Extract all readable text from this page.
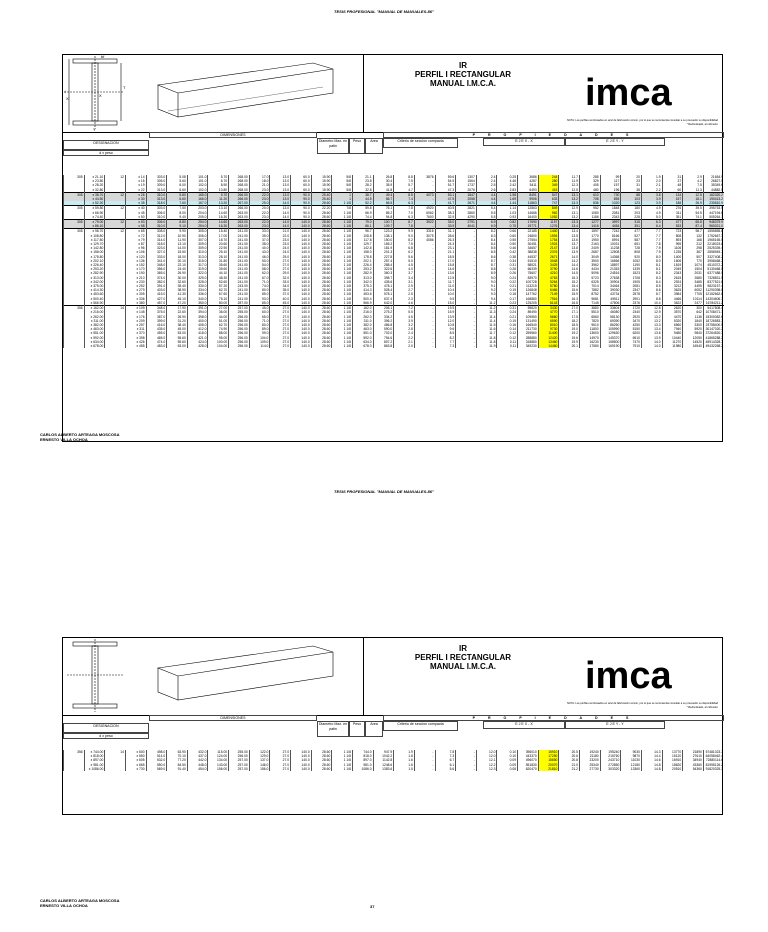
TESIS PROFESIONAL "MANUAL DE MANUALES-86"
d
T
bf
X
X
Y
IR
PERFIL I RECTANGULAR
MANUAL I.M.C.A.	imca
NOTA: Los perfiles sombreados en azul de fabricación común, por lo que se recomienda consultar a su proveedor su disponibilidad
* Redondeado, al milímetro
DESIGNACION
d x peso
DIMENSIONES
Diametro Max. en patin
Peso	Area	Criterio de seccion compacta
P R O P I E D A D E S
E J E X - X	E J E Y - Y
305	x 21.10	12	x 14	303.0	5.08	101.0	5.70	268.00	17.0	13.0	60.0	15.90	5/8	21.1	26.8	8.8	3876	59.6	1307	2.4	0.25	3686	244	11.7	285	99	20	1.9	31	2.9	21654.9
	x 23.80		x 16	305.0	5.60	101.0	6.70	268.00	18.0	13.0	60.0	15.90	5/8	23.8	30.4	7.5	-	54.5	1564	2.4	4.46	4287	280	11.9	329	117	23	2.0	37	4.2	26827.0
	x 28.20		x 19	309.0	6.00	102.0	8.90	268.00	21.0	13.0	60.0	15.90	5/8	28.2	35.9	5.7	-	51.7	1737	2.5	2.42	5411	349	12.3	405	157	31	2.1	48	7.5	35349.6
	x 32.80		x 22	313.0	6.60	102.0	10.80	268.00	23.0	13.0	60.0	15.90	5/8	32.8	41.8	4.7	-	47.3	2076	2.6	2.83	6493	415	12.5	480	196	38	2.2	60	11.3	44882.5
305	x 38.70	12	x 26	310.0	5.80	165.0	9.70	266.00	22.0	13.0	90.0	25.40	1	38.7	49.4	8.5	4073	53.1	1847	4.4	1.98	8491	547	13.1	610	730	88	3.8	134	12.5	162320.2
	x 44.50		x 30	313.0	6.60	166.0	11.20	266.00	23.0	13.0	90.0	25.40	1	44.5	56.7	7.4	-	47.5	2058	4.4	1.69	9906	633	13.2	708	855	103	3.9	157	18.1	190413.2
	x 52.20		x 35	318.0	7.60	167.0	13.20	267.00	25.0	14.0	90.0	28.60	1 1/8	52.2	66.5	6.3	-	41.7	2671	4.4	1.44	11863	747	13.3	836	1020	123	3.9	188	26.9	230810.9
305	x 59.80	12	x 40	303.0	7.50	203.0	13.10	266.00	20.0	13.0	90.0	22.20	7/8	59.8	76.1	7.8	4920	40.5	2821	5.4	1.14	12863	849	12.9	952	1848	180	4.9	276	39.5	395753.9
	x 66.90		x 45	306.0	8.00	204.0	14.60	263.00	22.0	14.0	90.0	28.60	1 1/8	66.9	85.2	7.0	6062	38.3	2860	5.5	1.03	14666	962	13.1	1080	2081	203	4.9	311	54.5	447194.6
	x 74.40		x 50	310.0	9.40	205.0	16.30	263.00	23.0	14.0	90.0	28.60	1 1/8	74.4	94.8	6.3	7600	32.9	4290	5.5	0.93	16400	1052	13.2	1186	2343	228	5.0	351	74.1	505264.1
305	x 79.00	12	x 53	306.0	8.80	254.0	14.60	263.00	22.0	14.0	140.0	28.60	1 1/8	79.0	100.7	8.7	3922	35.0	2791	6.9	0.82	17690	1157	13.3	1277	3997	315	6.3	477	65.8	946379.9
	x 86.10		x 58	310.0	9.10	254.0	16.30	263.00	23.0	14.0	140.0	28.60	1 1/8	86.1	109.7	7.8	-	33.9	4041	6.9	0.75	19771	1276	13.4	1416	4454	351	6.4	533	87.4	960021.0
305	x 96.70	12	x 65	308.0	9.90	305.0	15.40	241.00	33.0	21.0	140.0	28.60	1 1/8	96.7	123.2	9.9	3316	31.1	-	8.2	0.66	22185	1440	13.4	1597	7242	477	7.7	723	98.7	1555855.8
	x 108.80		x 72	312.0	10.90	306.0	17.00	241.00	35.0	22.0	140.0	28.60	1 1/8	108.8	138.1	9.0	3075	28.6	-	8.3	0.60	24800	1594	13.5	1770	8166	527	7.7	808	132	1752667.3
	x 117.80		x 79	314.0	11.90	307.0	18.70	241.00	37.0	23.0	140.0	28.60	1 1/8	117.8	150.0	8.2	4086	26.3	-	8.4	0.55	27554	1754	13.6	1950	8991	587	7.7	893	168	1965165.0
	x 129.70		x 87	318.0	13.10	309.0	20.60	241.00	38.0	23.0	140.0	28.60	1 1/8	129.7	165.2	7.5	-	24.3	-	8.4	0.50	30451	1924	13.7	2163	10031	651	7.8	995	212	2218023.6
	x 142.80		x 96	323.0	14.00	309.0	22.90	241.00	40.0	24.0	140.0	28.60	1 1/8	142.8	181.9	6.8	-	23.1	-	8.5	0.46	34657	2147	13.8	2409	11238	728	7.9	1106	298	2525339.4
	x 158.00		x 106	327.0	15.50	310.0	25.10	241.00	43.0	24.0	140.0	28.60	1 1/8	158.0	201.3	6.2	-	21.1	-	8.5	0.42	38838	2376	13.9	2687	12508	808	7.9	1235	367	2858949.7
	x 178.80		x 120	333.0	18.00	313.0	28.10	241.00	46.0	25.0	140.0	28.60	1 1/8	178.8	227.8	5.6	-	18.5	-	8.6	0.38	44537	2671	14.0	3049	14368	920	8.0	1400	507	3327408.2
	x 202.10		x 136	341.0	20.10	315.0	31.80	241.00	50.0	27.0	140.0	28.60	1 1/8	202.1	257.4	5.0	-	17.0	-	8.7	0.34	51510	3048	14.2	3500	16566	1052	8.0	1606	770	3958468.2
	x 226.40		x 152	348.0	22.10	317.0	35.60	241.00	54.0	27.0	140.0	28.60	1 1/8	226.4	288.4	4.5	-	15.8	-	8.7	0.31	58521	3425	14.4	3962	18897	1190	8.1	1819	1074	4510372.2
	x 253.20		x 170	356.0	24.40	319.0	39.60	241.00	58.0	27.0	140.0	28.60	1 1/8	253.2	322.6	4.0	-	14.6	-	8.8	0.28	66339	3790	14.6	4434	21353	1339	8.1	2049	1504	5130468.5
	x 282.90		x 190	365.0	26.90	322.0	44.10	241.00	62.0	29.0	140.0	28.60	1 1/8	282.9	360.3	3.7	-	13.6	-	8.9	0.26	75607	4210	14.5	5096	24516	1523	8.2	2343	2031	6377488.0
	x 313.00		x 210	374.0	30.00	325.0	48.30	241.00	67.0	32.0	140.0	28.60	1 1/8	313.0	398.7	3.4	-	12.5	-	9.0	0.24	83970	4763	15.3	5723	27638	1708	8.3	2615	2680	7328831.5
	x 342.00		x 230	382.0	32.60	328.0	52.60	241.00	71.0	33.0	140.0	28.60	1 1/8	342.0	435.6	3.1	-	11.7	-	9.0	0.22	100728	5264	15.2	6325	30904	1905	8.4	2924	3485	8377521.6
	x 375.00		x 252	391.0	35.40	330.0	57.20	243.00	74.0	34.0	140.0	28.60	1 1/8	375.3	478.1	2.9	-	11.0	-	9.1	0.21	113215	5780	15.4	7014	34464	2081	8.5	3212	4495	9823157.4
	x 414.30		x 279	403.0	38.90	334.0	62.70	241.00	80.0	35.0	140.0	28.60	1 1/8	414.3	528.4	2.7	-	10.4	-	9.2	0.19	126848	6466	15.6	7882	39030	2347	8.6	3625	6052	11290398.6
	x 453.60		x 305	415.0	41.30	336.0	67.60	241.00	85.0	37.0	140.0	28.60	1 1/8	453.6	578.1	2.5	-	10.0	-	9.3	0.18	147762	7149	15.9	8752	43734	2578	8.7	3984	7705	12152662.6
	x 500.40		x 336	427.0	45.10	340.0	75.10	241.00	93.0	40.0	140.0	28.60	1 1/8	500.4	637.4	2.3	-	9.5	-	9.4	0.17	168880	7916	16.3	9681	49511	2901	8.8	4466	10114	14304606.1
	x 566.90		x 380	457.0	47.20	350.0	80.00	287.00	85.0	45.0	140.0	28.60	1 1/8	566.9	642.0	4.6	-	15.0	-	11.2	0.23	125205	6143	16.8	7145	47806	2376	10.4	3622	2477	16784211.2
356	x 162.00	14	x 109	348.0	17.90	391.0	27.00	257.00	45.0	27.0	140.0	28.60	1 1/8	162.0	206.1	7.2	-	19.5	-	11.2	0.31	59820	3430	17.0	3880	33604	1720	12.8	2620	300	5417808.4
	x 216.00		x 145	375.0	22.60	394.0	36.00	255.00	60.0	27.0	140.0	28.60	1 1/8	216.0	275.2	5.5	-	15.9	-	11.3	0.24	89490	4770	17.1	5510	46080	2340	12.9	3570	642	10708471.1
	x 262.00		x 176	387.0	26.90	398.0	44.00	256.00	65.0	27.0	140.0	28.60	1 1/8	262.0	334.2	4.5	-	13.9	-	11.4	0.21	109550	5660	17.5	6560	58130	2920	13.2	4470	1136	15300082.6
	x 311.00		x 209	399.0	31.20	400.0	51.00	256.00	71.0	27.0	140.0	28.60	1 1/8	311.0	396.2	3.9	-	12.0	-	11.4	0.19	131490	6590	18.2	7820	69390	3470	13.2	5320	1840	18726583.3
	x 382.00		x 257	416.0	38.40	406.0	62.70	256.00	80.0	27.0	140.0	28.60	1 1/8	382.0	486.8	3.2	-	10.8	-	11.5	0.16	166540	8010	18.5	9610	86260	4250	13.3	6560	3300	23758400.5
	x 463.00		x 311	435.0	45.00	412.0	74.90	256.00	89.0	27.0	140.0	28.60	1 1/8	463.0	590.0	2.8	-	9.6	-	11.6	0.14	211730	9730	19.0	11800	105990	5150	13.4	7940	5920	30147020.2
	x 551.00		x 370	455.0	53.00	418.0	88.00	256.00	99.0	27.0	140.0	28.60	1 1/8	551.0	702.0	2.4	-	8.5	-	11.7	0.12	259560	11400	19.2	13600	129630	6200	13.6	9480	9840	37264520.3
	x 592.00		x 398	465.0	55.60	421.0	95.00	256.00	104.0	27.0	140.0	28.60	1 1/8	592.0	754.6	2.2	-	8.2	-	11.8	0.12	288880	12420	19.6	14970	145370	6910	13.9	10440	12050	41865288.2
	x 634.00		x 426	474.0	59.60	424.0	100.00	256.00	109.0	27.0	140.0	28.60	1 1/8	634.0	807.2	2.1	-	7.7	-	11.8	0.11	318880	13460	19.9	16230	158500	7470	14.0	11270	14520	45914328.7
	x 678.00		x 455	483.0	63.00	428.0	104.00	256.00	114.0	27.0	140.0	28.60	1 1/8	678.0	863.8	2.0	-	7.3	-	11.9	0.11	349230	14460	20.1	17580	169190	7910	14.0	11980	16540	49432268.2
CARLOS ALBERTO ARTEAGA MOSCOSA
ERNESTO VILLA OCHOA
TESIS PROFESIONAL "MANUAL DE MANUALES-86"
IR
PERFIL I RECTANGULAR
MANUAL I.M.C.A.	imca
NOTA: Los perfiles sombreados en azul de fabricación común, por lo que se recomienda consultar a su proveedor su disponibilidad
* Redondeado, al milímetro
DESIGNACION
d x peso
DIMENSIONES
Diametro Max. en patin
Peso	Area	Criterio de seccion compacta
P R O P I E D A D E S
E J E X - X	E J E Y - Y
356	x 744.00	14	x 500	498.0	63.90	432.0	115.00	255.00	122.0	27.0	140.0	28.60	1 1/8	744.0	947.9	1.9	-	7.8	-	12.0	0.10	396010	15910	20.5	19240	195240	9030	14.3	13770	21890	57481023.7
	x 818.00		x 550	514.0	70.10	437.0	124.00	256.00	129.0	27.0	140.0	28.60	1 1/8	818.0	1042.2	1.8	-	7.3	-	12.0	0.10	443370	17250	20.6	21180	215760	9870	14.4	15120	27610	64058462.4
	x 897.00		x 605	532.0	77.20	442.0	134.00	257.00	137.0	27.0	140.0	28.60	1 1/8	897.0	1142.8	1.6	-	6.7	-	12.1	0.09	496070	18650	20.8	23200	243710	11030	14.6	16910	34940	72880114.6
	x 981.00		x 665	550.0	84.50	448.0	143.00	257.00	146.0	27.0	140.0	28.60	1 1/8	981.0	1248.6	1.6	-	6.1	-	12.2	0.09	551830	20070	21.0	25340	272850	12180	14.8	18620	43360	81955126.2
	x 1086.00		x 730	569.0	91.40	454.0	156.00	257.00	156.0	27.0	140.0	28.60	1 1/8	1086.0	1383.6	1.5	-	5.6	-	12.3	0.08	620470	21810	21.2	27730	303320	13360	14.8	20510	54360	91820325.3
CARLOS ALBERTO ARTEAGA MOSCOSA
ERNESTO VILLA OCHOA	37
